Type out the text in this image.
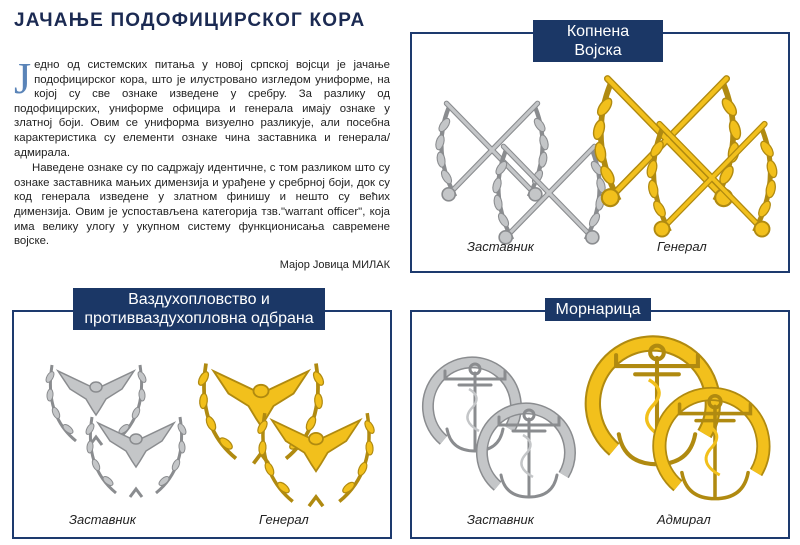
ЈАЧАЊЕ ПОДОФИЦИРСКОГ КОРА

Једно од системских питања у новој српској војсци је јачање подофицирског кора, што је илустровано изгледом униформе, на којој су све ознаке изведене у сребру. За разлику од подофицирских, униформе официра и генерала имају ознаке у златној боји. Овим се униформа визуелно разликује, али посебна карактеристика су елементи ознаке чина заставника и генерала/адмирала.

Наведене ознаке су по садржају идентичне, с том разликом што су ознаке заставника мањих димензија и урађене у сребрној боји, док су код генерала изведене у златном финишу и нешто су већих димензија. Овим је успостављена категорија тзв."warrant officer", која има велику улогу у укупном систему функционисања савремене војске.

Мајор Јовица МИЛАК
Заставник	Генерал
Копнена Војска
Заставник	Генерал
Ваздухопловство и
противваздухопловна одбрана
Заставник	Адмирал
Морнарица
